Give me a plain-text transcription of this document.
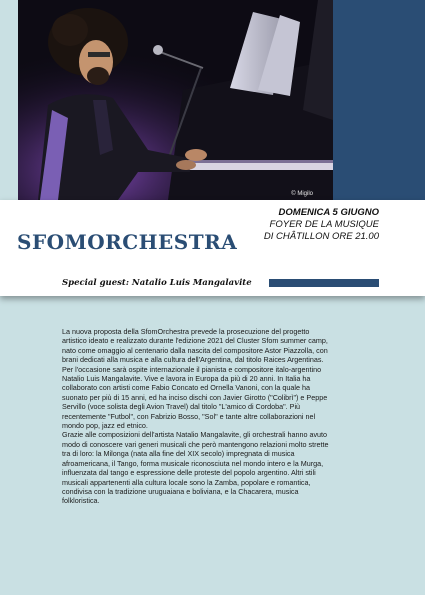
© Migilo
SFOMORCHESTRA
DOMENICA 5 GIUGNO
FOYER DE LA MUSIQUE
DI CHÂTILLON ORE 21.00
Special guest: Natalio Luis Mangalavite

La nuova proposta della SfomOrchestra prevede la prosecuzione del progetto artistico ideato e realizzato durante l'edizione 2021 del Cluster Sfom summer camp, nato come omaggio al centenario dalla nascita del compositore Astor Piazzolla, con brani dedicati alla musica e alla cultura dell'Argentina, dal titolo Raices Argentinas.

Per l'occasione sarà ospite internazionale il pianista e compositore italo-argentino Natalio Luis Mangalavite. Vive e lavora in Europa da più di 20 anni. In Italia ha collaborato con artisti come Fabio Concato ed Ornella Vanoni, con la quale ha suonato per più di 15 anni, ed ha inciso dischi con Javier Girotto ("Colibrì") e Peppe Servillo (voce solista degli Avion Travel) dal titolo "L'amico di Cordoba". Più recentemente "Futbol", con Fabrizio Bosso, "Sol" e tante altre collaborazioni nel mondo pop, jazz ed etnico.

Grazie alle composizioni dell'artista Natalio Mangalavite, gli orchestrali hanno avuto modo di conoscere vari generi musicali che però mantengono relazioni molto strette tra di loro: la Milonga (nata alla fine del XIX secolo) impregnata di musica afroamericana, il Tango, forma musicale riconosciuta nel mondo intero e la Murga, influenzata dal tango e espressione delle proteste del popolo argentino. Altri stili musicali appartenenti alla cultura locale sono la Zamba, popolare e romantica, condivisa con la tradizione uruguaiana e boliviana, e la Chacarera, musica folkloristica.
